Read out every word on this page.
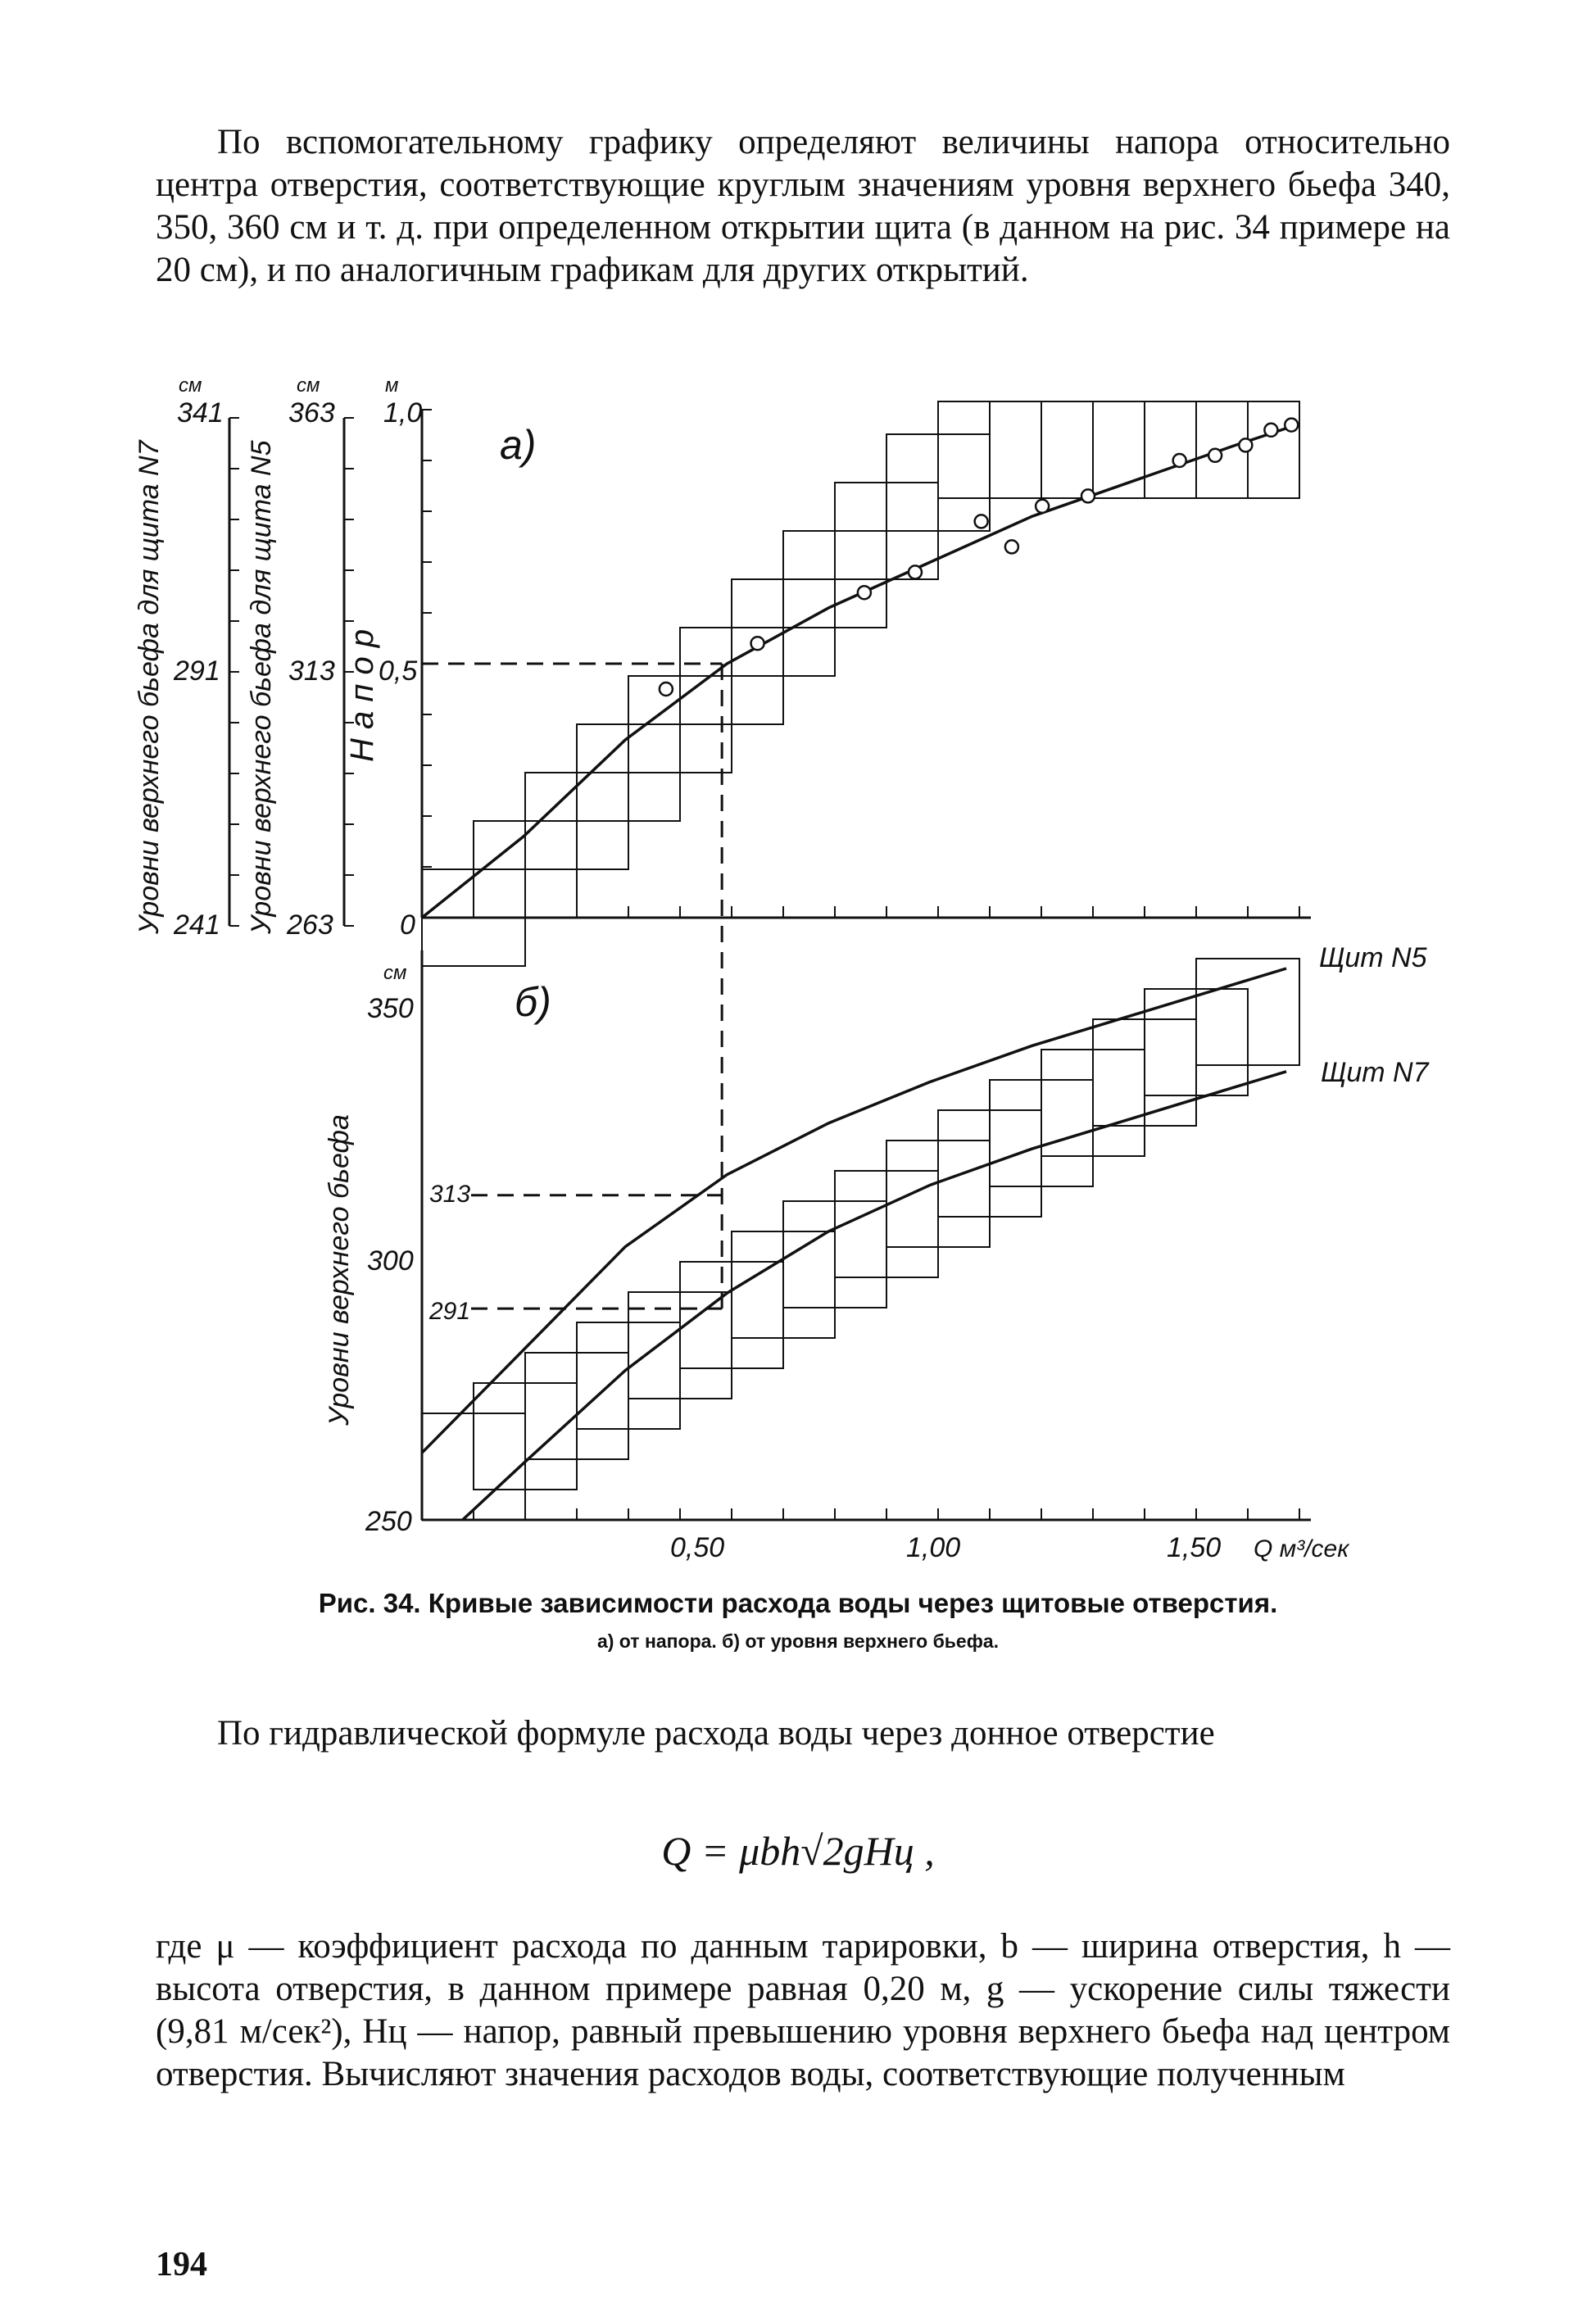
По вспомогательному графику определяют величины напора относительно центра отверстия, соответствующие круглым значениям уровня верхнего бьефа 340, 350, 360 см и т. д. при определенном открытии щита (в данном на рис. 34 примере на 20 см), и по аналогичным графикам для других открытий.
а)
см
341
291
241
см
363
313
263
м
1,0
0,5
0
Уровни верхнего бьефа для щита N7	Уровни верхнего бьефа для щита N5 Н а п о р
б)
см
350
300
250
Уровни верхнего бьефа	313
291
0,50	1,00	1,50 Q м³/сек
Щит N5
Щит N7
Рис. 34. Кривые зависимости расхода воды через щитовые отверстия.
а) от напора. б) от уровня верхнего бьефа.
По гидравлической формуле расхода воды через донное отверстие
Q = μbh√2gHц ,
где μ — коэффициент расхода по данным тарировки, b — ширина отверстия, h — высота отверстия, в данном примере равная 0,20 м, g — ускорение силы тяжести (9,81 м/сек²), Hц — напор, равный превышению уровня верхнего бьефа над центром отверстия. Вычисляют значения расходов воды, соответствующие полученным
194
